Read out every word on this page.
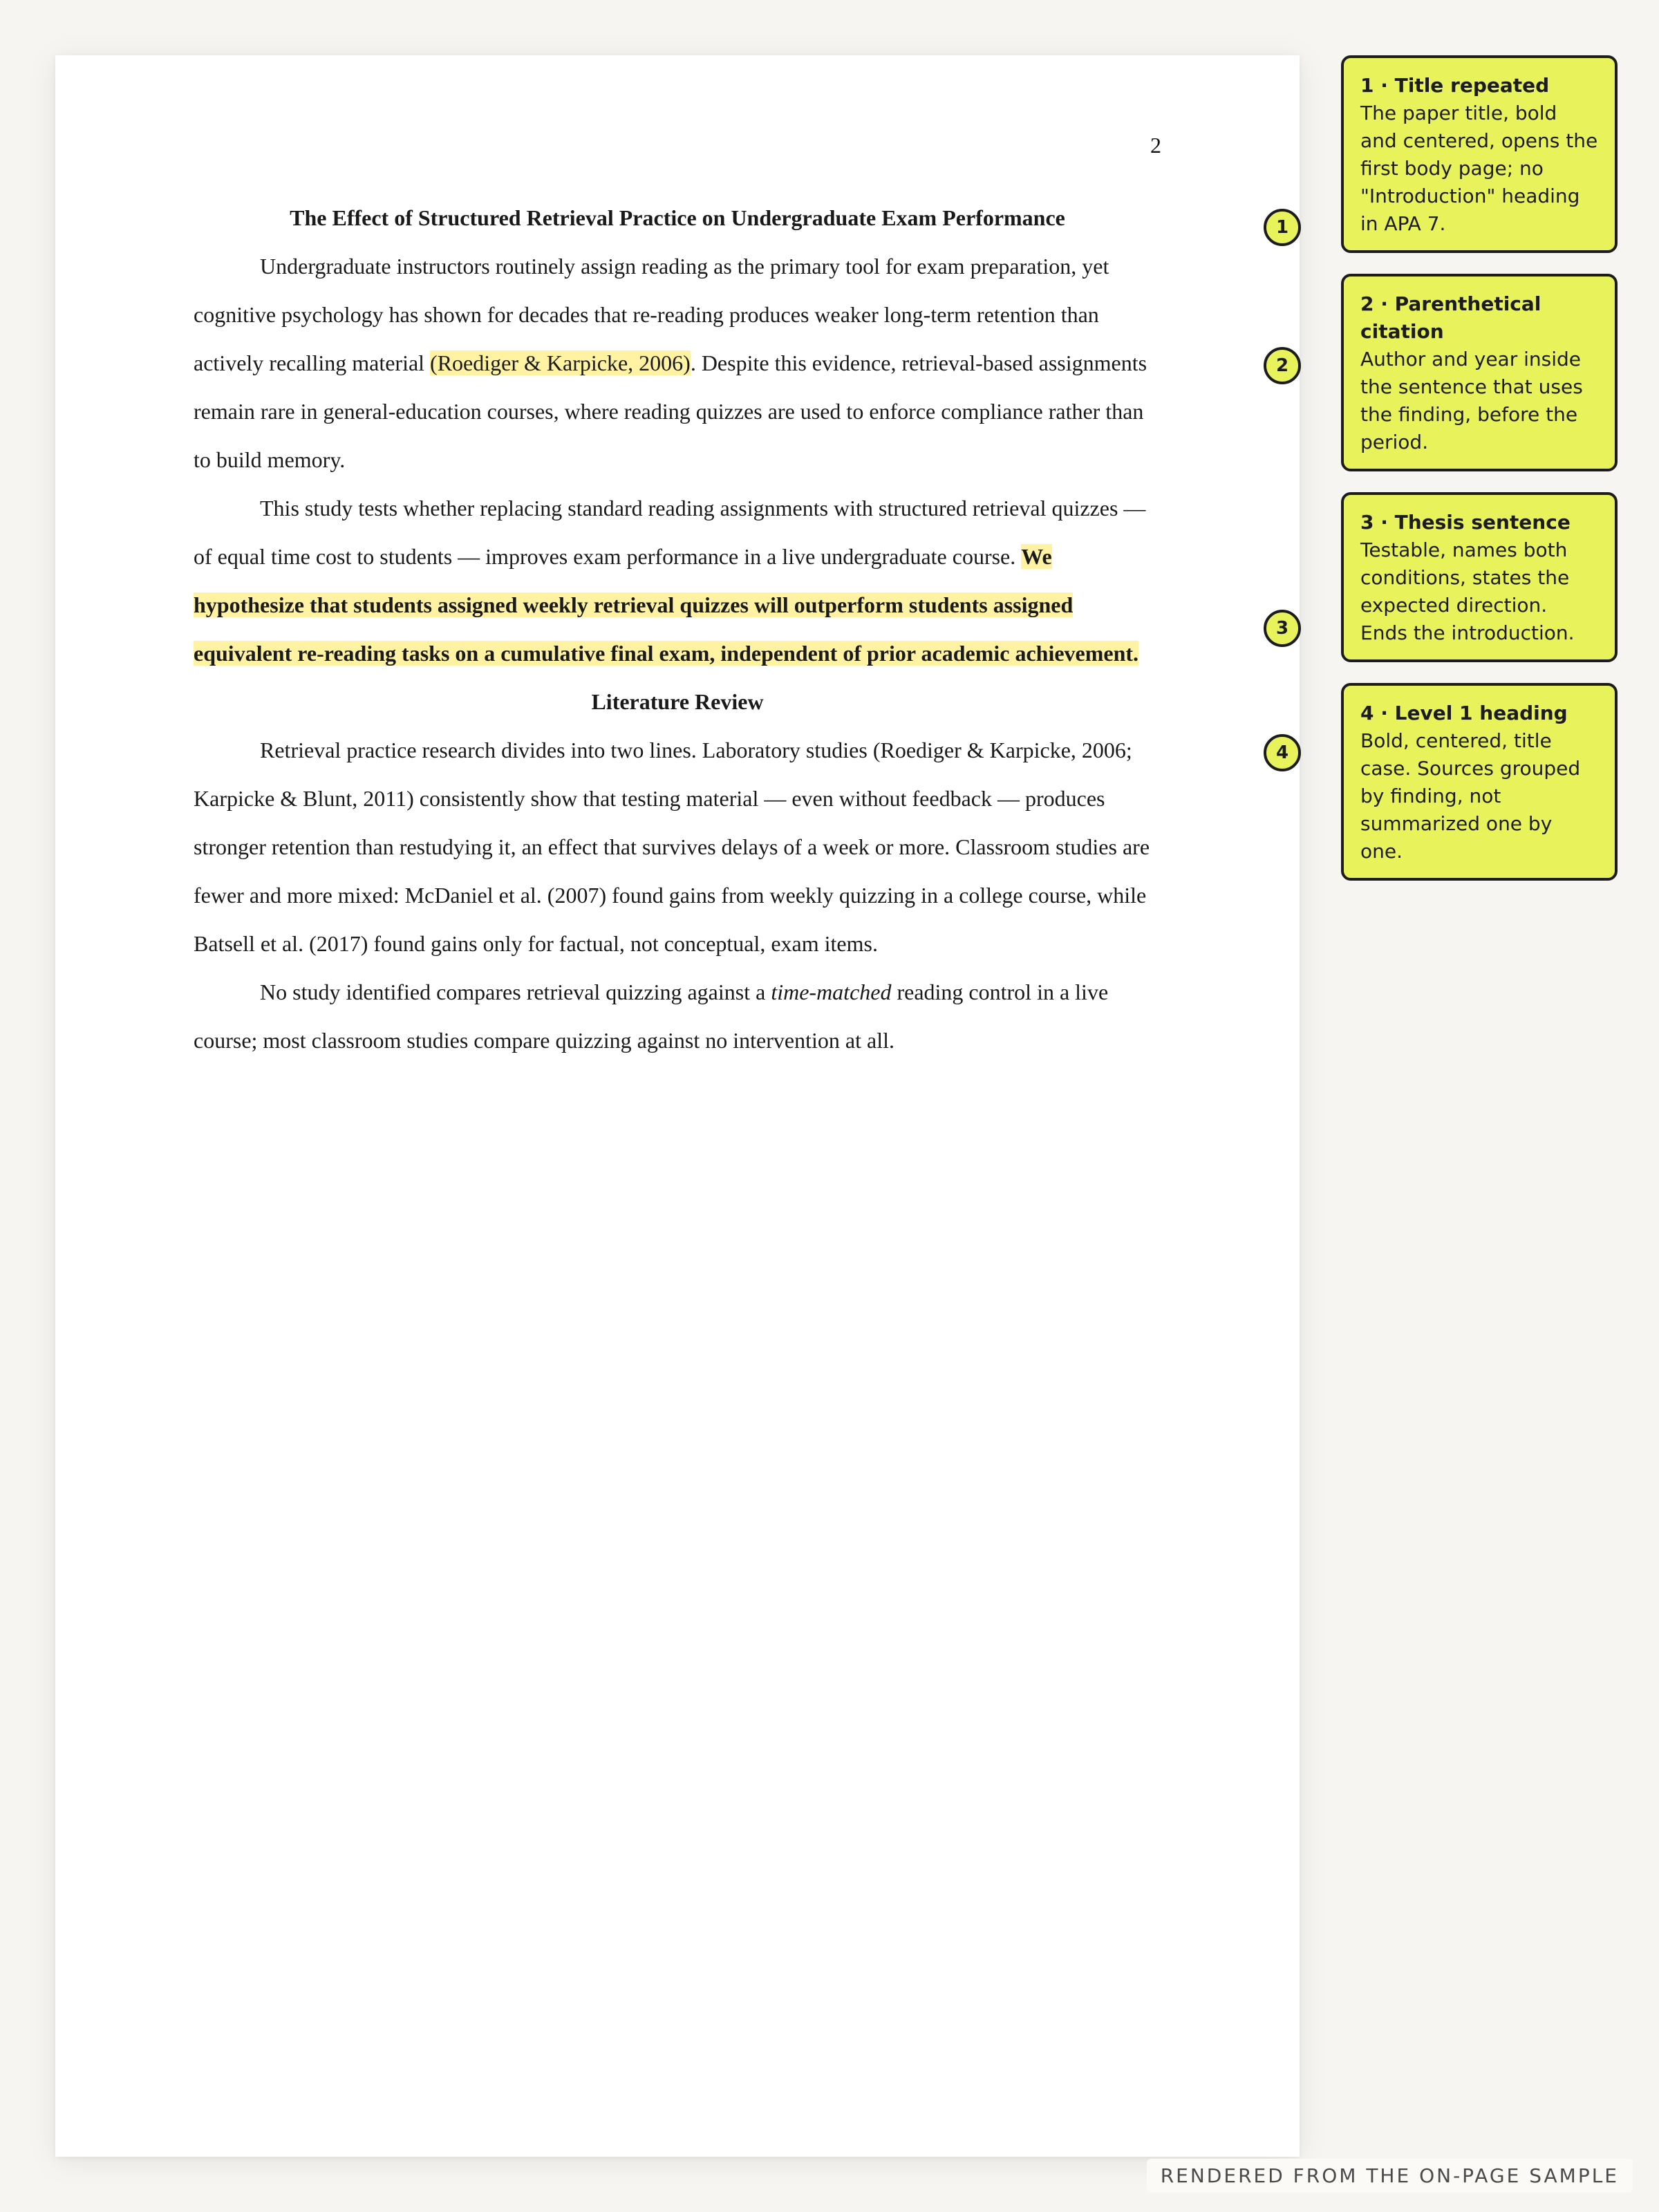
2
The Effect of Structured Retrieval Practice on Undergraduate Exam Performance

Undergraduate instructors routinely assign reading as the primary tool for exam preparation, yet cognitive psychology has shown for decades that re-reading produces weaker long-term retention than actively recalling material (Roediger & Karpicke, 2006). Despite this evidence, retrieval-based assignments remain rare in general-education courses, where reading quizzes are used to enforce compliance rather than to build memory.

This study tests whether replacing standard reading assignments with structured retrieval quizzes — of equal time cost to students — improves exam performance in a live undergraduate course. We hypothesize that students assigned weekly retrieval quizzes will outperform students assigned equivalent re-reading tasks on a cumulative final exam, independent of prior academic achievement.

Literature Review

Retrieval practice research divides into two lines. Laboratory studies (Roediger & Karpicke, 2006; Karpicke & Blunt, 2011) consistently show that testing material — even without feedback — produces stronger retention than restudying it, an effect that survives delays of a week or more. Classroom studies are fewer and more mixed: McDaniel et al. (2007) found gains from weekly quizzing in a college course, while Batsell et al. (2017) found gains only for factual, not conceptual, exam items.

No study identified compares retrieval quizzing against a time-matched reading control in a live course; most classroom studies compare quizzing against no intervention at all.

1
2
3
4
1 · Title repeated
The paper title, bold and centered, opens the first body page; no "Introduction" heading in APA 7.
2 · Parenthetical citation
Author and year inside the sentence that uses the finding, before the period.
3 · Thesis sentence
Testable, names both conditions, states the expected direction. Ends the introduction.
4 · Level 1 heading
Bold, centered, title case. Sources grouped by finding, not summarized one by one.
RENDERED FROM THE ON-PAGE SAMPLE
